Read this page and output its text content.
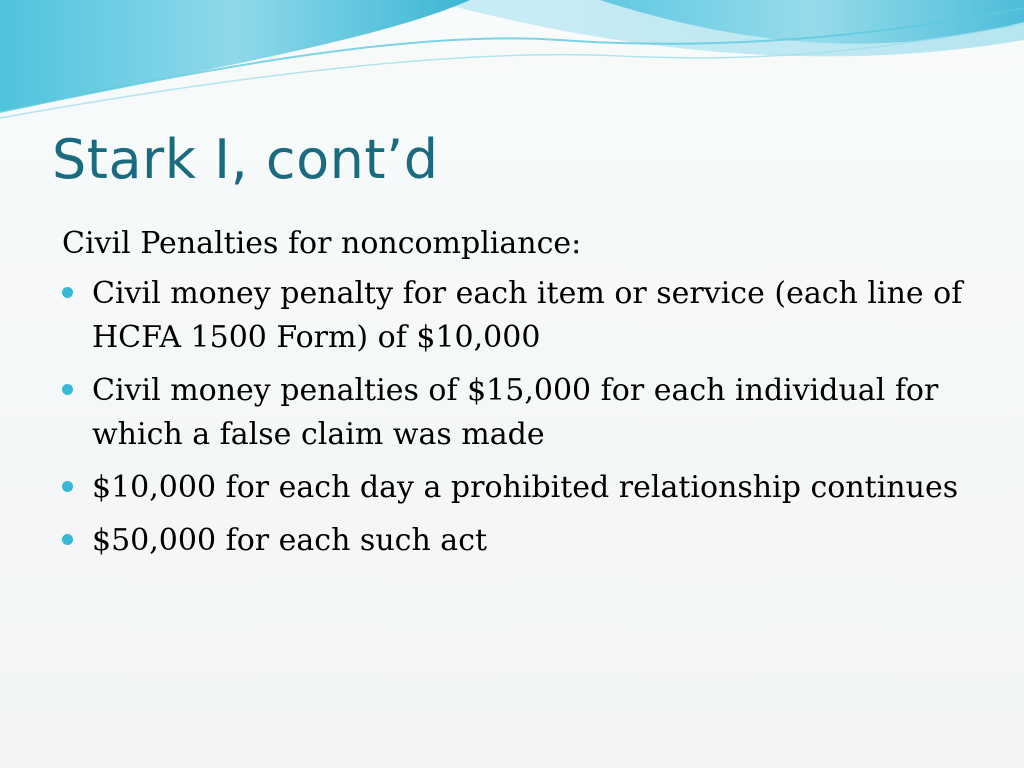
Stark I, cont’d

Civil Penalties for noncompliance:

Civil money penalty for each item or service (each line of HCFA 1500 Form) of $10,000
Civil money penalties of $15,000 for each individual for which a false claim was made
$10,000 for each day a prohibited relationship continues
$50,000 for each such act
